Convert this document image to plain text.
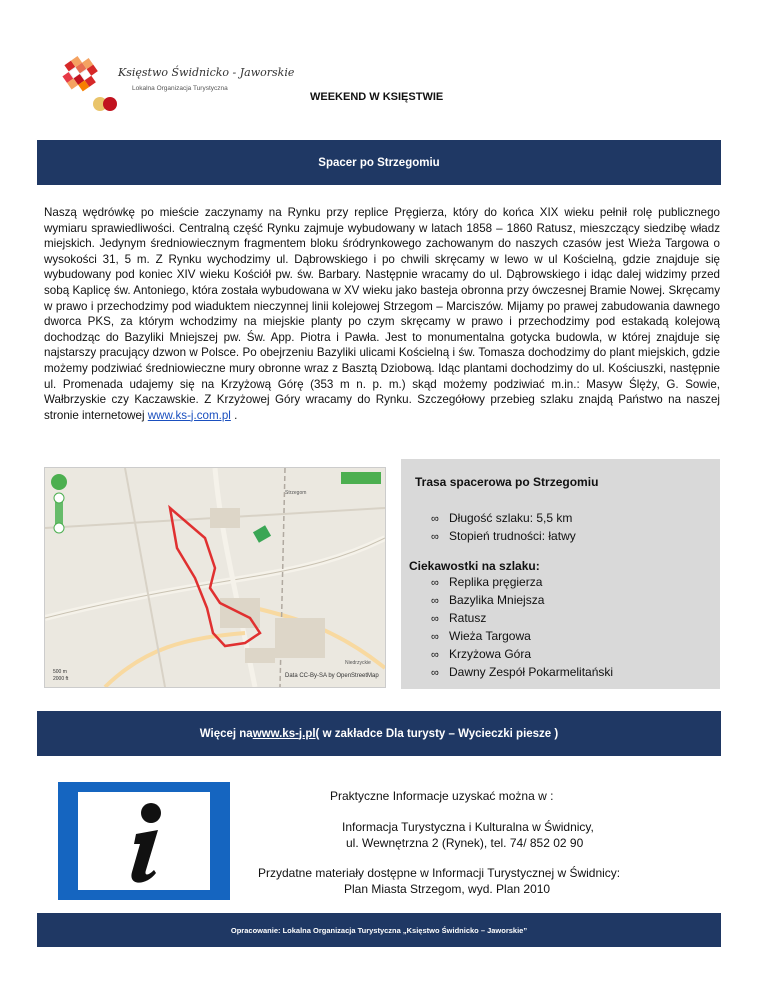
Księstwo Świdnicko - Jaworskie
Lokalna Organizacja Turystyczna
WEEKEND W KSIĘSTWIE
Spacer po Strzegomiu
Naszą wędrówkę po mieście zaczynamy na Rynku przy replice Pręgierza, który do końca XIX wieku pełnił rolę publicznego wymiaru sprawiedliwości. Centralną część Rynku zajmuje wybudowany w latach 1858 – 1860 Ratusz, mieszczący siedzibę władz miejskich. Jedynym średniowiecznym fragmentem bloku śródrynkowego zachowanym do naszych czasów jest Wieża Targowa o wysokości 31, 5 m. Z Rynku wychodzimy ul. Dąbrowskiego i po chwili skręcamy w lewo w ul Kościelną, gdzie znajduje się wybudowany pod koniec XIV wieku Kościół pw. św. Barbary. Następnie wracamy do ul. Dąbrowskiego i idąc dalej widzimy przed sobą Kaplicę św. Antoniego, która została wybudowana w XV wieku jako basteja obronna przy ówczesnej Bramie Nowej. Skręcamy w prawo i przechodzimy pod wiaduktem nieczynnej linii kolejowej Strzegom – Marciszów. Mijamy po prawej zabudowania dawnego dworca PKS, za którym wchodzimy na miejskie planty po czym skręcamy w prawo i przechodzimy pod estakadą kolejową dochodząc do Bazyliki Mniejszej pw. Św. App. Piotra i Pawła. Jest to monumentalna gotycka budowla, w której znajduje się najstarszy pracujący dzwon w Polsce. Po obejrzeniu Bazyliki ulicami Kościelną i św. Tomasza dochodzimy do plant miejskich, gdzie możemy podziwiać średniowieczne mury obronne wraz z Basztą Dziobową. Idąc plantami dochodzimy do ul. Kościuszki, następnie ul. Promenada udajemy się na Krzyżową Górę (353 m n. p. m.) skąd możemy podziwiać m.in.: Masyw Ślęży, G. Sowie, Wałbrzyskie czy Kaczawskie. Z Krzyżowej Góry wracamy do Rynku. Szczegółowy przebieg szlaku znajdą Państwo na naszej stronie internetowej www.ks-j.com.pl .
Strzegom
Niedrzyckie
500 m
2000 ft	Data CC-By-SA by OpenStreetMap
Trasa spacerowa po Strzegomiu
∞ Długość szlaku: 5,5 km
∞ Stopień trudności: łatwy
Ciekawostki na szlaku:
∞ Replika pręgierza
∞ Bazylika Mniejsza
∞ Ratusz
∞ Wieża Targowa
∞ Krzyżowa Góra
∞ Dawny Zespół Pokarmelitański
Więcej na www.ks-j.pl ( w zakładce Dla turysty – Wycieczki piesze )
Praktyczne Informacje uzyskać można w :
Informacja Turystyczna i Kulturalna w Świdnicy,
ul. Wewnętrzna 2 (Rynek), tel. 74/ 852 02 90
Przydatne materiały dostępne w Informacji Turystycznej w Świdnicy:
Plan Miasta Strzegom, wyd. Plan 2010
Opracowanie: Lokalna Organizacja Turystyczna „Księstwo Świdnicko – Jaworskie”
